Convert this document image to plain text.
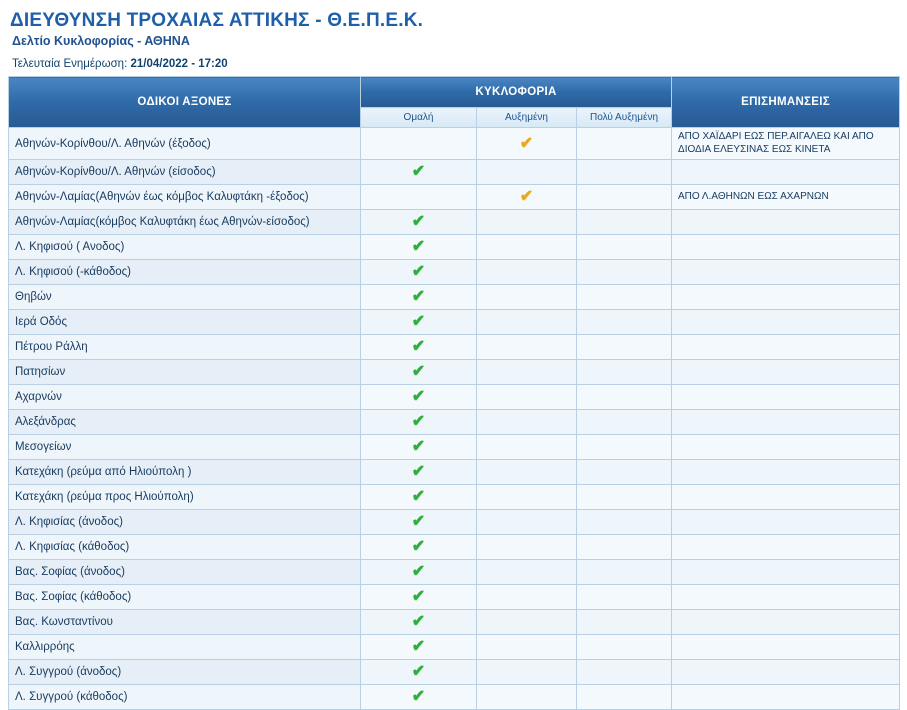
ΔΙΕΥΘΥΝΣΗ ΤΡΟΧΑΙΑΣ ΑΤΤΙΚΗΣ - Θ.Ε.Π.Ε.Κ.
Δελτίο Κυκλοφορίας - ΑΘΗΝΑ
Τελευταία Ενημέρωση: 21/04/2022 - 17:20
ΟΔΙΚΟΙ ΑΞΟΝΕΣ	ΚΥΚΛΟΦΟΡΙΑ			ΕΠΙΣΗΜΑΝΣΕΙΣ
	Ομαλή	Αυξημένη	Πολύ Αυξημένη	
Αθηνών-Κορίνθου/Λ. Αθηνών (έξοδος)		✔		ΑΠΟ ΧΑΪΔΑΡΙ ΕΩΣ ΠΕΡ.ΑΙΓΑΛΕΩ ΚΑΙ ΑΠΟ ΔΙΟΔΙΑ ΕΛΕΥΣΙΝΑΣ ΕΩΣ ΚΙΝΕΤΑ
Αθηνών-Κορίνθου/Λ. Αθηνών (είσοδος)	✔			
Αθηνών-Λαμίας(Αθηνών έως κόμβος Καλυφτάκη -έξοδος)		✔		ΑΠΟ Λ.ΑΘΗΝΩΝ ΕΩΣ ΑΧΑΡΝΩΝ
Αθηνών-Λαμίας(κόμβος Καλυφτάκη έως Αθηνών-είσοδος)	✔			
Λ. Κηφισού ( Ανοδος)	✔			
Λ. Κηφισού (-κάθοδος)	✔			
Θηβών	✔			
Ιερά Οδός	✔			
Πέτρου Ράλλη	✔			
Πατησίων	✔			
Αχαρνών	✔			
Αλεξάνδρας	✔			
Μεσογείων	✔			
Κατεχάκη (ρεύμα από Ηλιούπολη )	✔			
Κατεχάκη (ρεύμα προς Ηλιούπολη)	✔			
Λ. Κηφισίας (άνοδος)	✔			
Λ. Κηφισίας (κάθοδος)	✔			
Βας. Σοφίας (άνοδος)	✔			
Βας. Σοφίας (κάθοδος)	✔			
Βας. Κωνσταντίνου	✔			
Καλλιρρόης	✔			
Λ. Συγγρού (άνοδος)	✔			
Λ. Συγγρού (κάθοδος)	✔			
